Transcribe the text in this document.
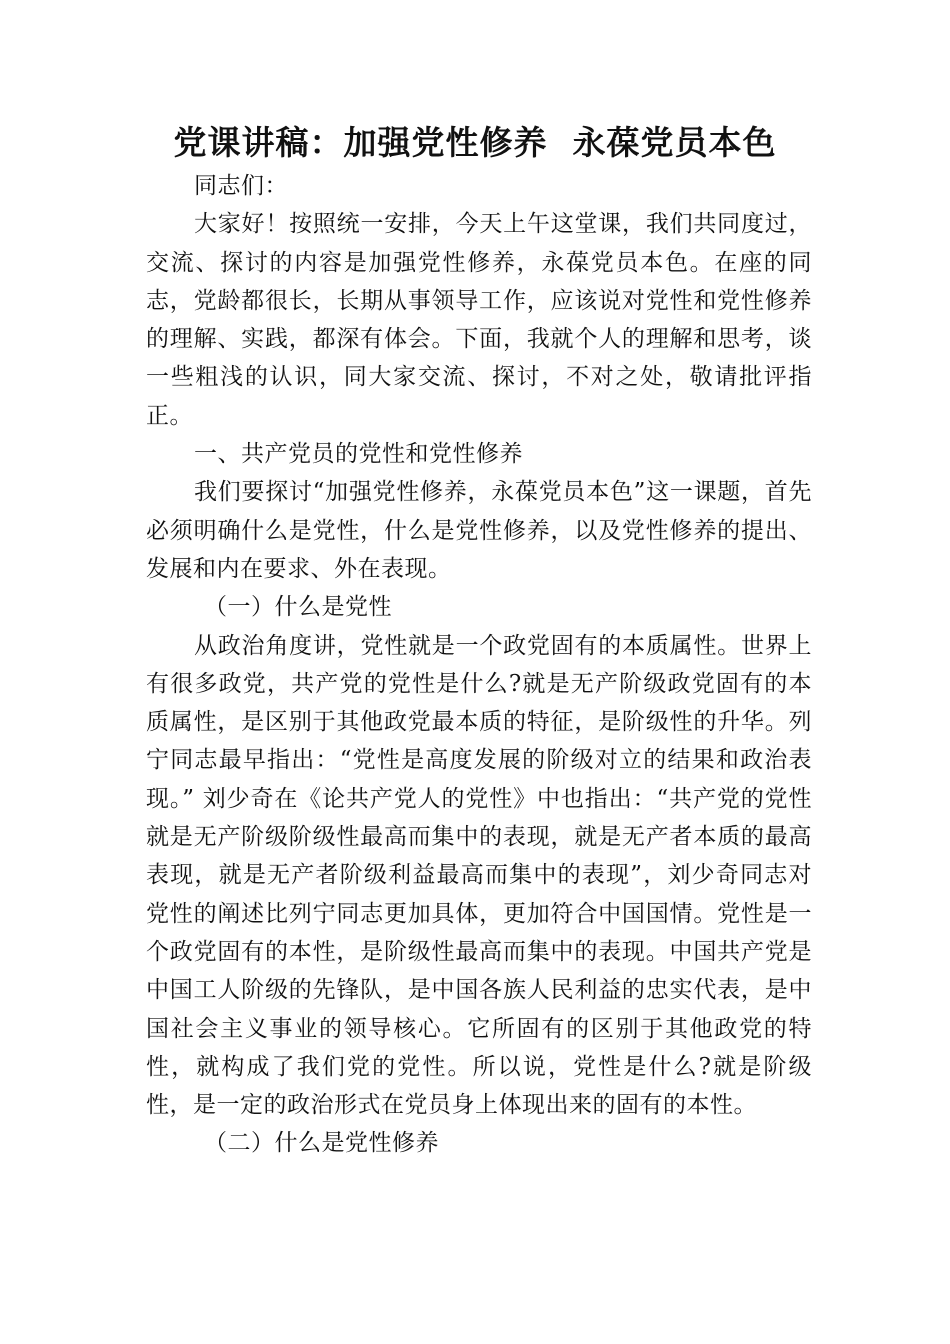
党课讲稿：加强党性修养  永葆党员本色

同志们：

大家好！按照统一安排，今天上午这堂课，我们共同度过，交流、探讨的内容是加强党性修养，永葆党员本色。在座的同志，党龄都很长，长期从事领导工作，应该说对党性和党性修养的理解、实践，都深有体会。下面，我就个人的理解和思考，谈一些粗浅的认识，同大家交流、探讨，不对之处，敬请批评指正。

一、共产党员的党性和党性修养

我们要探讨“加强党性修养，永葆党员本色”这一课题，首先必须明确什么是党性，什么是党性修养，以及党性修养的提出、发展和内在要求、外在表现。

（一）什么是党性

从政治角度讲，党性就是一个政党固有的本质属性。世界上有很多政党，共产党的党性是什么?就是无产阶级政党固有的本质属性，是区别于其他政党最本质的特征，是阶级性的升华。列宁同志最早指出：“党性是高度发展的阶级对立的结果和政治表现。” 刘少奇在《论共产党人的党性》中也指出：“共产党的党性就是无产阶级阶级性最高而集中的表现，就是无产者本质的最高表现，就是无产者阶级利益最高而集中的表现”，刘少奇同志对党性的阐述比列宁同志更加具体，更加符合中国国情。党性是一个政党固有的本性，是阶级性最高而集中的表现。中国共产党是中国工人阶级的先锋队，是中国各族人民利益的忠实代表，是中国社会主义事业的领导核心。它所固有的区别于其他政党的特性，就构成了我们党的党性。所以说，党性是什么?就是阶级性，是一定的政治形式在党员身上体现出来的固有的本性。

（二）什么是党性修养
